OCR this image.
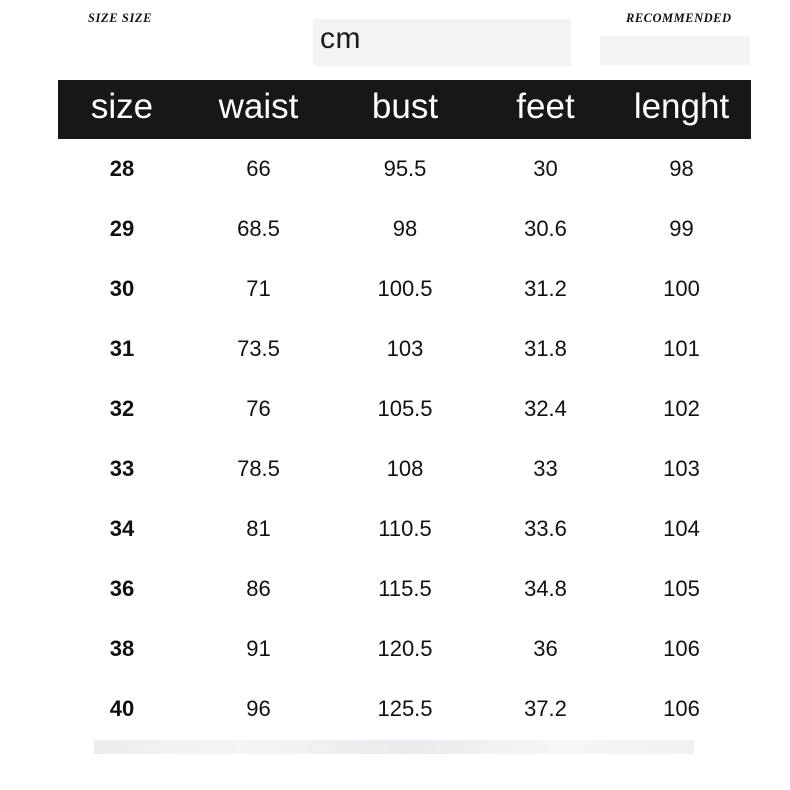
SIZE SIZE	RECOMMENDED
cm
size	waist	bust	feet	lenght
28	66	95.5	30	98
29	68.5	98	30.6	99
30	71	100.5	31.2	100
31	73.5	103	31.8	101
32	76	105.5	32.4	102
33	78.5	108	33	103
34	81	110.5	33.6	104
36	86	115.5	34.8	105
38	91	120.5	36	106
40	96	125.5	37.2	106
